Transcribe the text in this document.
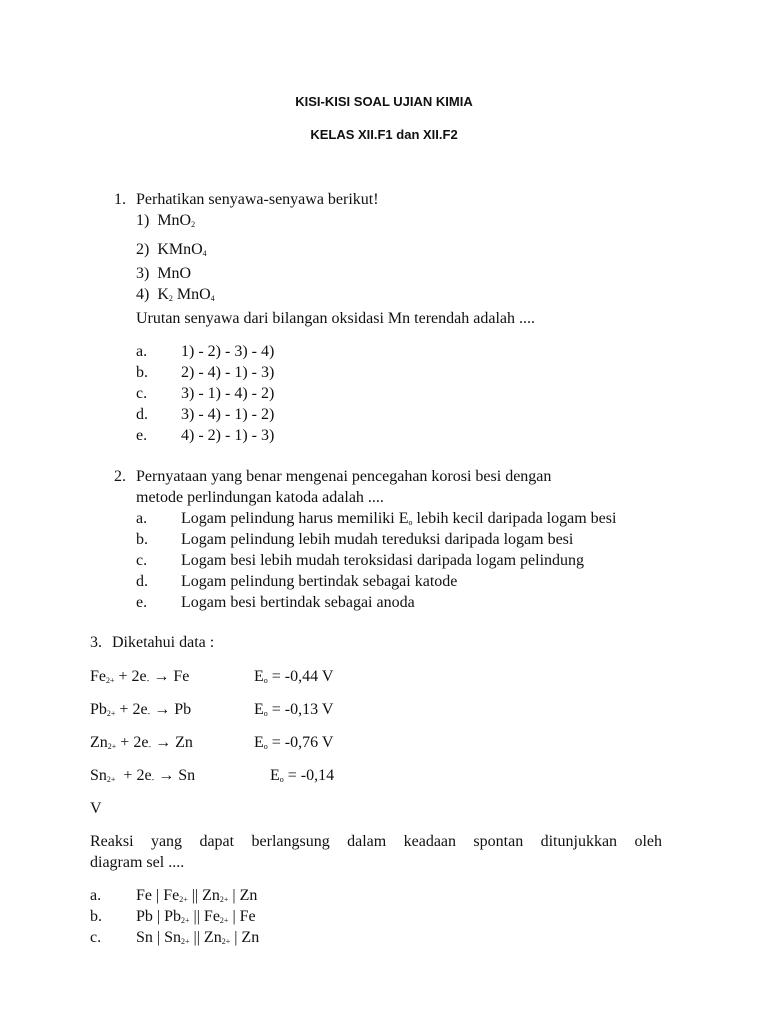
KISI-KISI SOAL UJIAN KIMIA
KELAS XII.F1 dan XII.F2
1. Perhatikan senyawa-senyawa berikut!
1) MnO$_2$
2) KMnO$_4$
3) MnO
4) $K_2$ MnO$_4$
Urutan senyawa dari bilangan oksidasi Mn terendah adalah ....
a. 1) - 2) - 3) - 4)
b. 2) - 4) - 1) - 3)
c. 3) - 1) - 4) - 2)
d. 3) - 4) - 1) - 2)
e. 4) - 2) - 1) - 3)
2. Pernyataan yang benar mengenai pencegahan korosi besi dengan
metode perlindungan katoda adalah ....
a. Logam pelindung harus memiliki $E_o$ lebih kecil daripada logam besi
b. Logam pelindung lebih mudah tereduksi daripada logam besi
c. Logam besi lebih mudah teroksidasi daripada logam pelindung
d. Logam pelindung bertindak sebagai katode
e. Logam besi bertindak sebagai anoda
3. Diketahui data :
$Fe_{2+} + 2e_- \to Fe$	$E_o = -0,44$ V
$Pb_{2+} + 2e_- \to Pb$	$E_o = -0,13$ V
$Zn_{2+} + 2e_- \to Zn$	$E_o = -0,76$ V
$Sn_{2+} + 2e_- \to Sn$	$E_o = -0,14$
V
Reaksi yang dapat berlangsung dalam keadaan spontan ditunjukkan oleh
diagram sel ....
a. Fe | $Fe_{2+}$ || $Zn_{2+}$ | Zn
b. Pb | $Pb_{2+}$ || $Fe_{2+}$ | Fe
c. Sn | $Sn_{2+}$ || $Zn_{2+}$ | Zn
